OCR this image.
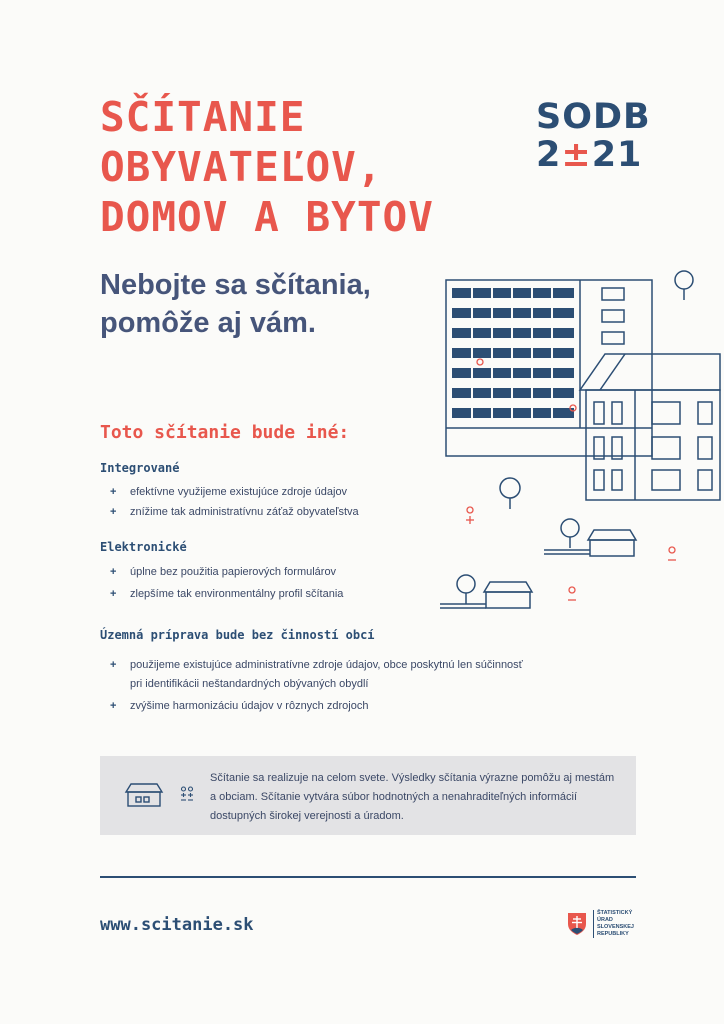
SČÍTANIE
OBYVATEĽOV,
DOMOV A BYTOV
SODB
2±21
Nebojte sa sčítania,
pomôže aj vám.
Toto sčítanie bude iné:
Integrované
+ efektívne využijeme existujúce zdroje údajov
+ znížime tak administratívnu záťaž obyvateľstva
Elektronické
+ úplne bez použitia papierových formulárov
+ zlepšíme tak environmentálny profil sčítania
Územná príprava bude bez činností obcí
+ použijeme existujúce administratívne zdroje údajov, obce poskytnú len súčinnosť pri identifikácii neštandardných obývaných obydlí
+ zvýšime harmonizáciu údajov v rôznych zdrojoch
Sčítanie sa realizuje na celom svete. Výsledky sčítania výrazne pomôžu aj mestám a obciam. Sčítanie vytvára súbor hodnotných a nenahraditeľných informácií dostupných širokej verejnosti a úradom.
www.scitanie.sk
ŠTATISTICKÝ
ÚRAD
SLOVENSKEJ
REPUBLIKY
